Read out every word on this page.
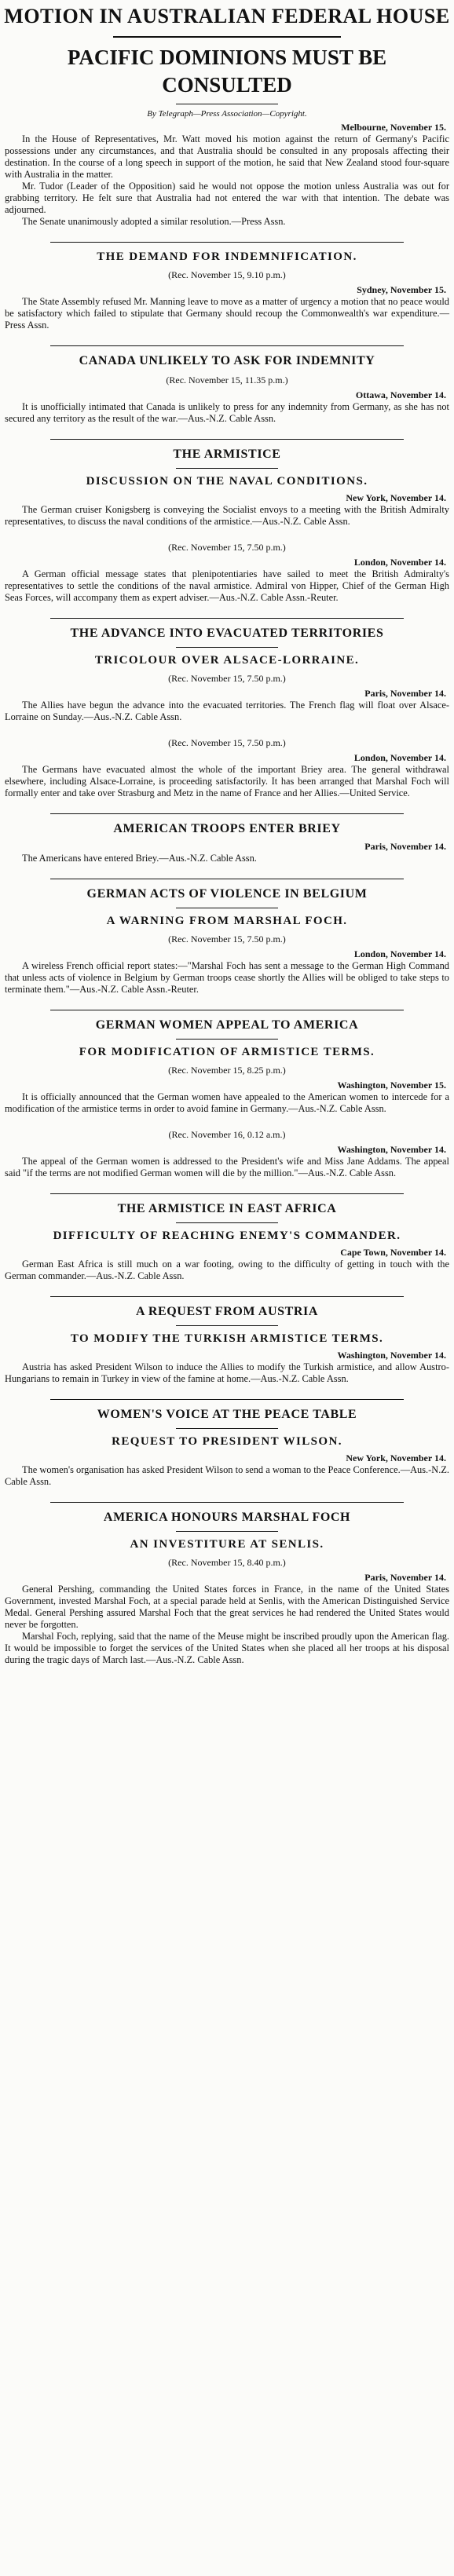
MOTION IN AUSTRALIAN FEDERAL HOUSE
PACIFIC DOMINIONS MUST BE CONSULTED
By Telegraph—Press Association—Copyright.
Melbourne, November 15.

In the House of Representatives, Mr. Watt moved his motion against the return of Germany's Pacific possessions under any circumstances, and that Australia should be consulted in any proposals affecting their destination. In the course of a long speech in support of the motion, he said that New Zealand stood four-square with Australia in the matter.

Mr. Tudor (Leader of the Opposition) said he would not oppose the motion unless Australia was out for grabbing territory. He felt sure that Australia had not entered the war with that intention. The debate was adjourned.

The Senate unanimously adopted a similar resolution.—Press Assn.

THE DEMAND FOR INDEMNIFICATION.
(Rec. November 15, 9.10 p.m.)
Sydney, November 15.

The State Assembly refused Mr. Manning leave to move as a matter of urgency a motion that no peace would be satisfactory which failed to stipulate that Germany should recoup the Commonwealth's war expenditure.—Press Assn.

CANADA UNLIKELY TO ASK FOR INDEMNITY
(Rec. November 15, 11.35 p.m.)
Ottawa, November 14.

It is unofficially intimated that Canada is unlikely to press for any indemnity from Germany, as she has not secured any territory as the result of the war.—Aus.-N.Z. Cable Assn.

THE ARMISTICE
DISCUSSION ON THE NAVAL CONDITIONS.
New York, November 14.

The German cruiser Konigsberg is conveying the Socialist envoys to a meeting with the British Admiralty representatives, to discuss the naval conditions of the armistice.—Aus.-N.Z. Cable Assn.

(Rec. November 15, 7.50 p.m.)
London, November 14.

A German official message states that plenipotentiaries have sailed to meet the British Admiralty's representatives to settle the conditions of the naval armistice. Admiral von Hipper, Chief of the German High Seas Forces, will accompany them as expert adviser.—Aus.-N.Z. Cable Assn.-Reuter.

THE ADVANCE INTO EVACUATED TERRITORIES
TRICOLOUR OVER ALSACE-LORRAINE.
(Rec. November 15, 7.50 p.m.)
Paris, November 14.

The Allies have begun the advance into the evacuated territories. The French flag will float over Alsace-Lorraine on Sunday.—Aus.-N.Z. Cable Assn.

(Rec. November 15, 7.50 p.m.)
London, November 14.

The Germans have evacuated almost the whole of the important Briey area. The general withdrawal elsewhere, including Alsace-Lorraine, is proceeding satisfactorily. It has been arranged that Marshal Foch will formally enter and take over Strasburg and Metz in the name of France and her Allies.—United Service.

AMERICAN TROOPS ENTER BRIEY
Paris, November 14.

The Americans have entered Briey.—Aus.-N.Z. Cable Assn.

GERMAN ACTS OF VIOLENCE IN BELGIUM
A WARNING FROM MARSHAL FOCH.
(Rec. November 15, 7.50 p.m.)
London, November 14.

A wireless French official report states:—"Marshal Foch has sent a message to the German High Command that unless acts of violence in Belgium by German troops cease shortly the Allies will be obliged to take steps to terminate them."—Aus.-N.Z. Cable Assn.-Reuter.

GERMAN WOMEN APPEAL TO AMERICA
FOR MODIFICATION OF ARMISTICE TERMS.
(Rec. November 15, 8.25 p.m.)
Washington, November 15.

It is officially announced that the German women have appealed to the American women to intercede for a modification of the armistice terms in order to avoid famine in Germany.—Aus.-N.Z. Cable Assn.

(Rec. November 16, 0.12 a.m.)
Washington, November 14.

The appeal of the German women is addressed to the President's wife and Miss Jane Addams. The appeal said "if the terms are not modified German women will die by the million."—Aus.-N.Z. Cable Assn.

THE ARMISTICE IN EAST AFRICA
DIFFICULTY OF REACHING ENEMY'S COMMANDER.
Cape Town, November 14.

German East Africa is still much on a war footing, owing to the difficulty of getting in touch with the German commander.—Aus.-N.Z. Cable Assn.

A REQUEST FROM AUSTRIA
TO MODIFY THE TURKISH ARMISTICE TERMS.
Washington, November 14.

Austria has asked President Wilson to induce the Allies to modify the Turkish armistice, and allow Austro-Hungarians to remain in Turkey in view of the famine at home.—Aus.-N.Z. Cable Assn.

WOMEN'S VOICE AT THE PEACE TABLE
REQUEST TO PRESIDENT WILSON.
New York, November 14.

The women's organisation has asked President Wilson to send a woman to the Peace Conference.—Aus.-N.Z. Cable Assn.

AMERICA HONOURS MARSHAL FOCH
AN INVESTITURE AT SENLIS.
(Rec. November 15, 8.40 p.m.)
Paris, November 14.

General Pershing, commanding the United States forces in France, in the name of the United States Government, invested Marshal Foch, at a special parade held at Senlis, with the American Distinguished Service Medal. General Pershing assured Marshal Foch that the great services he had rendered the United States would never be forgotten.

Marshal Foch, replying, said that the name of the Meuse might be inscribed proudly upon the American flag. It would be impossible to forget the services of the United States when she placed all her troops at his disposal during the tragic days of March last.—Aus.-N.Z. Cable Assn.
